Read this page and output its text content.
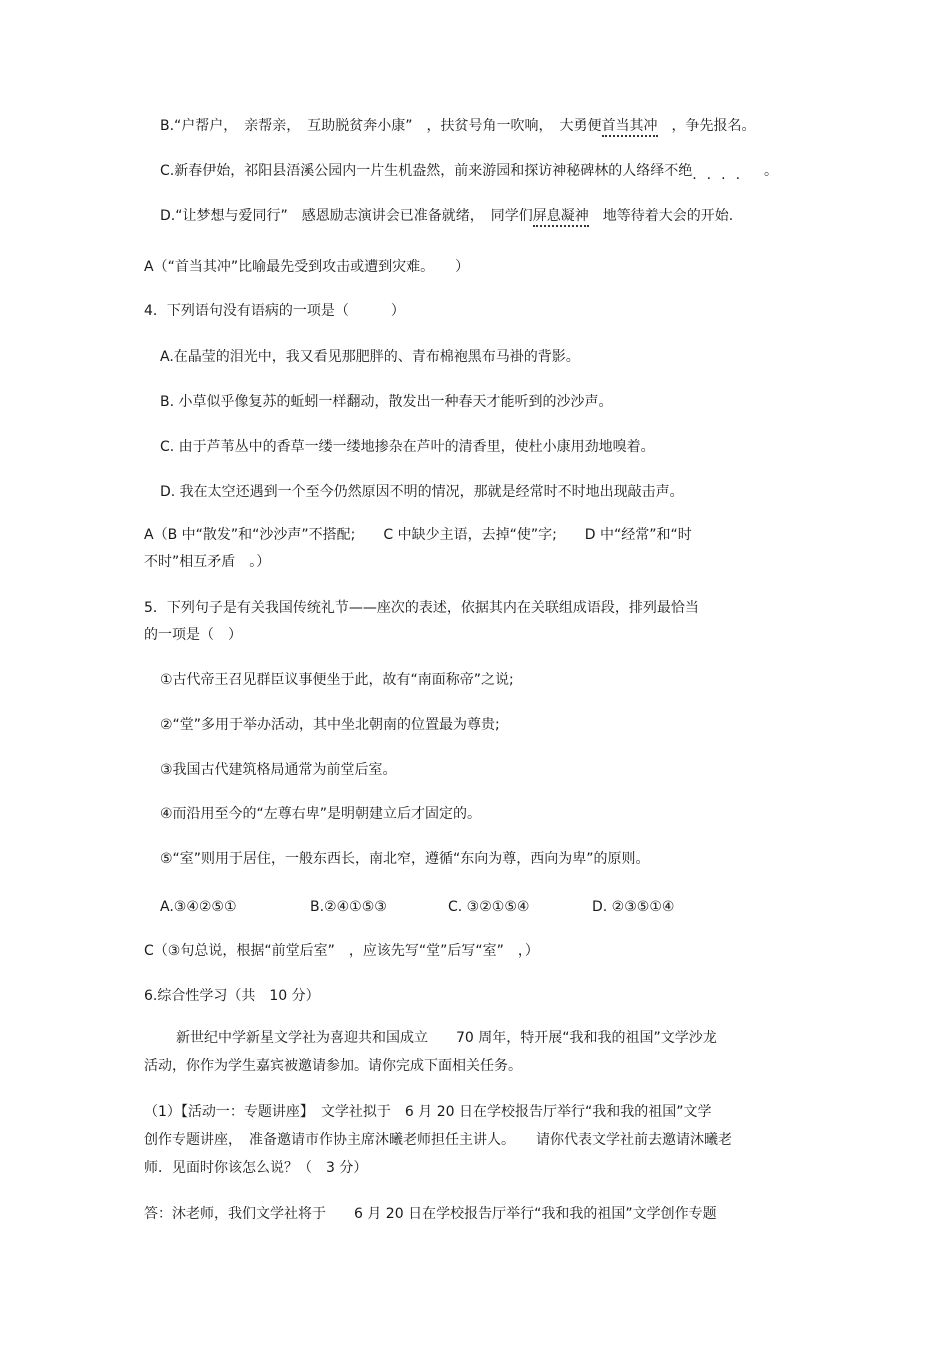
B.“户帮户，　亲帮亲，　互助脱贫奔小康”　，扶贫号角一吹响，　大勇便首当其冲　，争先报名。
C.新春伊始，祁阳县浯溪公园内一片生机盎然，前来游园和探访神秘碑林的人络绎不绝....　。
D.“让梦想与爱同行”　感恩励志演讲会已准备就绪，　同学们屏息凝神　地等待着大会的开始.
A（“首当其冲”比喻最先受到攻击或遭到灾难。　　）
4．下列语句没有语病的一项是（　　　）
A.在晶莹的泪光中，我又看见那肥胖的、青布棉袍黑布马褂的背影。
B. 小草似乎像复苏的蚯蚓一样翻动，散发出一种春天才能听到的沙沙声。
C. 由于芦苇丛中的香草一缕一缕地掺杂在芦叶的清香里，使杜小康用劲地嗅着。
D. 我在太空还遇到一个至今仍然原因不明的情况，那就是经常时不时地出现敲击声。
A（B 中“散发”和“沙沙声”不搭配;　　C 中缺少主语，去掉“使”字;　　D 中“经常”和“时
不时”相互矛盾　。）
5．下列句子是有关我国传统礼节——座次的表述，依据其内在关联组成语段，排列最恰当
的一项是（　）
①古代帝王召见群臣议事便坐于此，故有“南面称帝”之说;
②“堂”多用于举办活动，其中坐北朝南的位置最为尊贵;
③我国古代建筑格局通常为前堂后室。
④而沿用至今的“左尊右卑”是明朝建立后才固定的。
⑤“室”则用于居住，一般东西长，南北窄，遵循“东向为尊，西向为卑”的原则。
A.③④②⑤①	B.②④①⑤③	C. ③②①⑤④	D. ②③⑤①④
C（③句总说，根据“前堂后室”　，应该先写“堂”后写“室”　，）
6.综合性学习（共　10 分）
新世纪中学新星文学社为喜迎共和国成立　　70 周年，特开展“我和我的祖国”文学沙龙
活动，你作为学生嘉宾被邀请参加。请你完成下面相关任务。
（1）【活动一：专题讲座】　文学社拟于　6 月 20 日在学校报告厅举行“我和我的祖国”文学
创作专题讲座，　准备邀请市作协主席沐曦老师担任主讲人。　　请你代表文学社前去邀请沐曦老
师．见面时你该怎么说？（　3 分）
答：沐老师，我们文学社将于　　6 月 20 日在学校报告厅举行“我和我的祖国”文学创作专题
